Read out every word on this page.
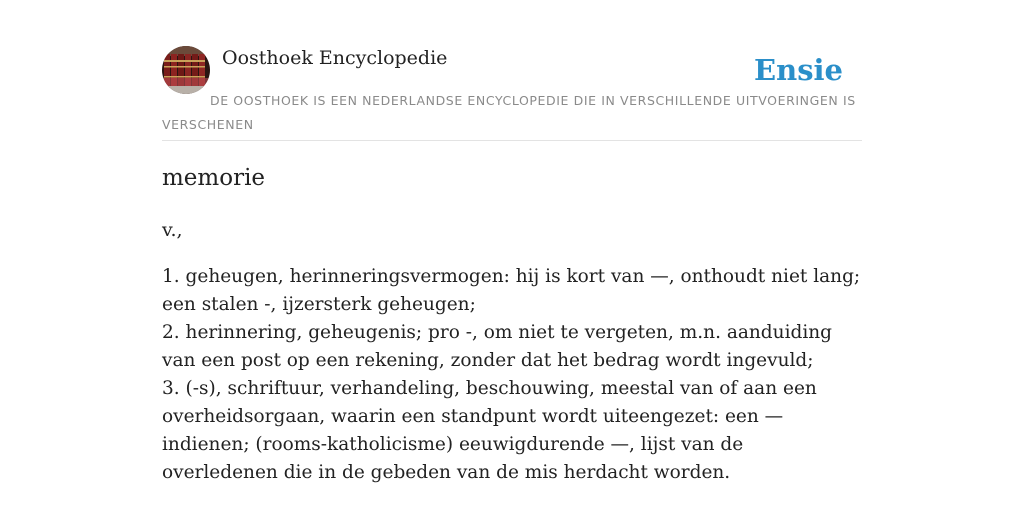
Oosthoek Encyclopedie	Ensie
DE OOSTHOEK IS EEN NEDERLANDSE ENCYCLOPEDIE DIE IN VERSCHILLENDE UITVOERINGEN IS VERSCHENEN
memorie
v.,
1. geheugen, herinneringsvermogen: hij is kort van —, onthoudt niet lang; een stalen -, ijzersterk geheugen;
2. herinnering, geheugenis; pro -, om niet te vergeten, m.n. aanduiding van een post op een rekening, zonder dat het bedrag wordt ingevuld;
3. (-s), schriftuur, verhandeling, beschouwing, meestal van of aan een overheidsorgaan, waarin een standpunt wordt uiteengezet: een — indienen; (rooms-katholicisme) eeuwigdurende —, lijst van de overledenen die in de gebeden van de mis herdacht worden.
